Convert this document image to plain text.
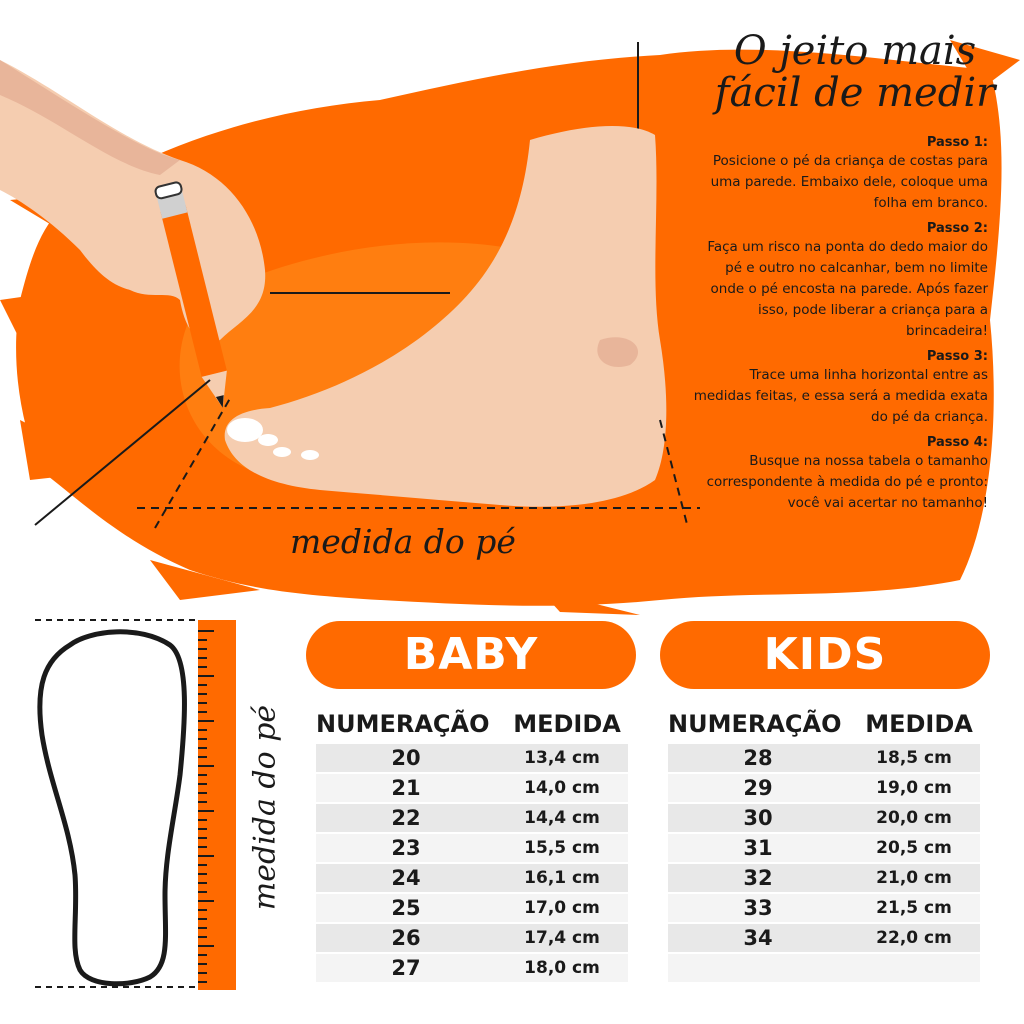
O jeito mais
fácil de medir
medida do pé
Passo 1:
Posicione o pé da criança de costas para uma parede. Embaixo dele, coloque uma folha em branco.
Passo 2:
Faça um risco na ponta do dedo maior do pé e outro no calcanhar, bem no limite onde o pé encosta na parede. Após fazer isso, pode liberar a criança para a brincadeira!
Passo 3:
Trace uma linha horizontal entre as medidas feitas, e essa será a medida exata do pé da criança.
Passo 4:
Busque na nossa tabela o tamanho correspondente à medida do pé e pronto: você vai acertar no tamanho!
medida do pé
BABY
NUMERAÇÃO MEDIDA
20	13,4 cm
21	14,0 cm
22	14,4 cm
23	15,5 cm
24	16,1 cm
25	17,0 cm
26	17,4 cm
27	18,0 cm
KIDS
NUMERAÇÃO MEDIDA
28	18,5 cm
29	19,0 cm
30	20,0 cm
31	20,5 cm
32	21,0 cm
33	21,5 cm
34	22,0 cm
